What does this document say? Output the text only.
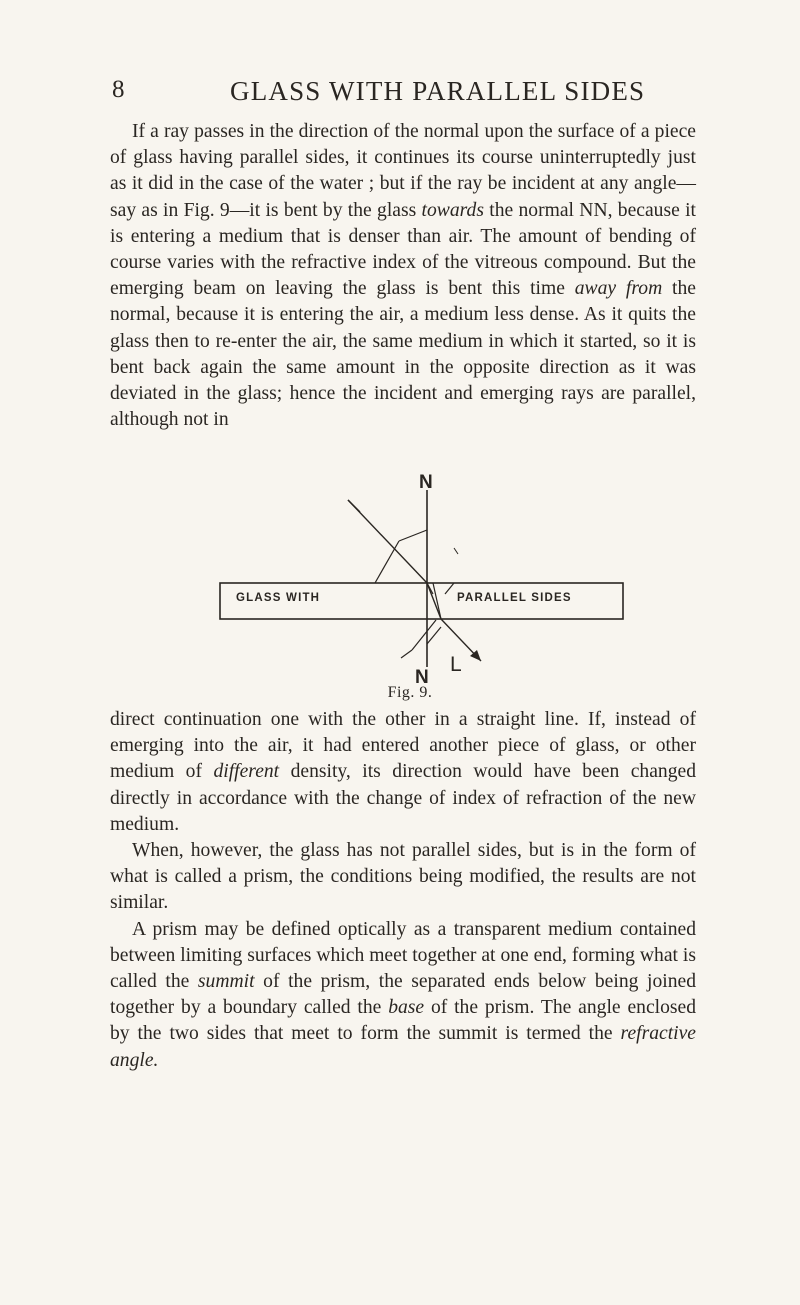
8	GLASS WITH PARALLEL SIDES
If a ray passes in the direction of the normal upon the surface of a piece of glass having parallel sides, it continues its course uninterruptedly just as it did in the case of the water ; but if the ray be incident at any angle—say as in Fig. 9—it is bent by the glass towards the normal NN, because it is entering a medium that is denser than air. The amount of bending of course varies with the refractive index of the vitreous compound. But the emerging beam on leaving the glass is bent this time away from the normal, because it is entering the air, a medium less dense. As it quits the glass then to re-enter the air, the same medium in which it started, so it is bent back again the same amount in the opposite direction as it was deviated in the glass; hence the incident and emerging rays are parallel, although not in
N
N
L
GLASS WITH	PARALLEL SIDES
Fig. 9.

direct continuation one with the other in a straight line. If, instead of emerging into the air, it had entered another piece of glass, or other medium of different density, its direction would have been changed directly in accordance with the change of index of refraction of the new medium.

When, however, the glass has not parallel sides, but is in the form of what is called a prism, the conditions being modified, the results are not similar.

A prism may be defined optically as a transparent medium contained between limiting surfaces which meet together at one end, forming what is called the summit of the prism, the separated ends below being joined together by a boundary called the base of the prism. The angle enclosed by the two sides that meet to form the summit is termed the refractive angle.
